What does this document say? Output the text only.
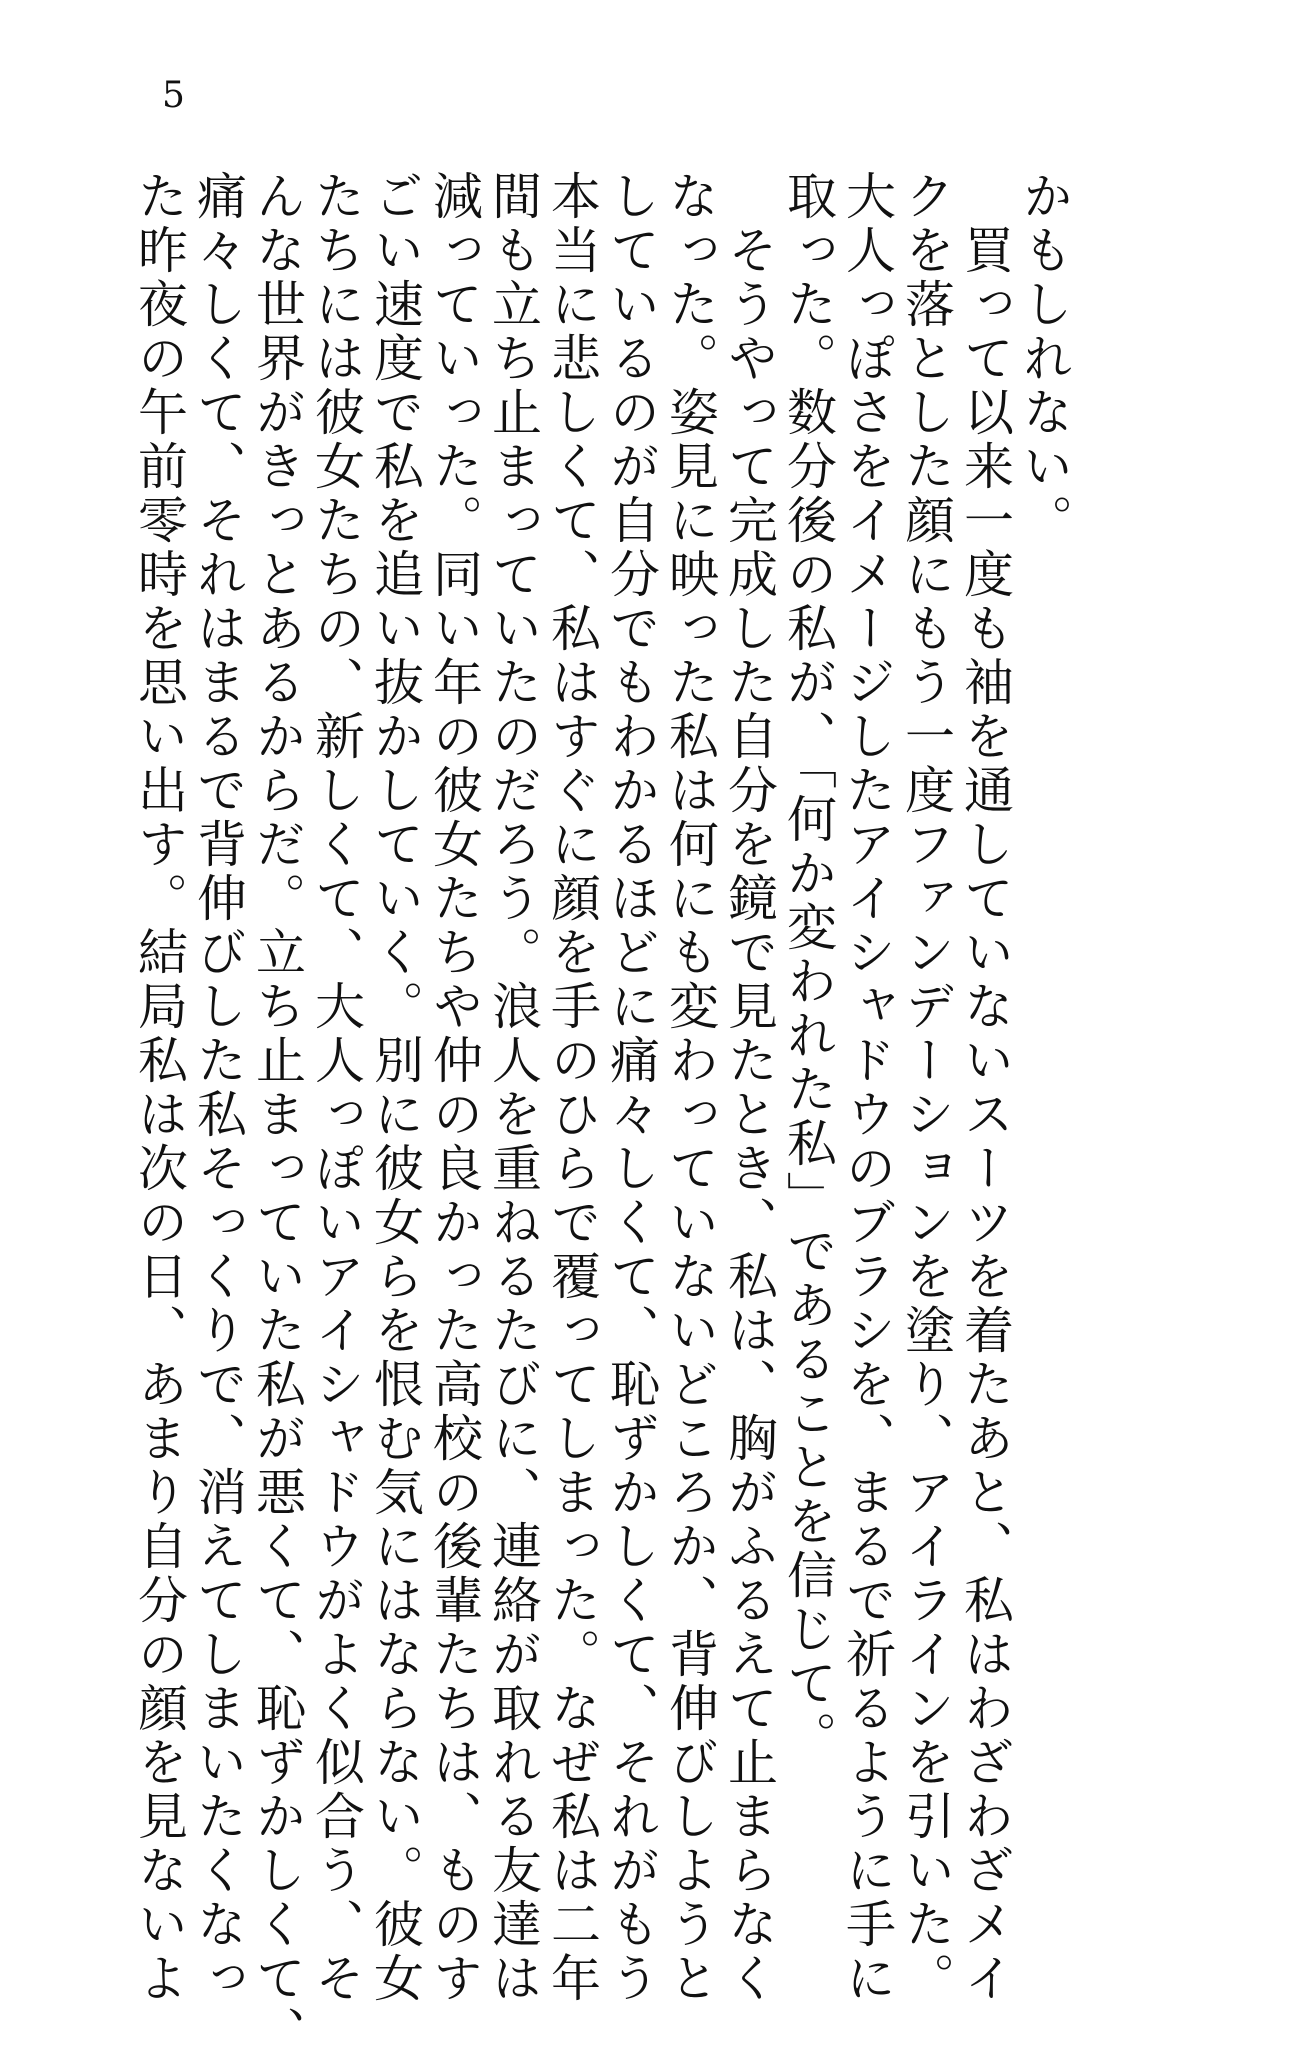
5
かもしれない。
　買って以来一度も袖を通していないスーツを着たあと、私はわざわざメイ
クを落とした顔にもう一度ファンデーションを塗り、アイラインを引いた。
大人っぽさをイメージしたアイシャドウのブラシを、まるで祈るように手に
取った。数分後の私が、「何か変われた私」であることを信じて。
　そうやって完成した自分を鏡で見たとき、私は、胸がふるえて止まらなく
なった。姿見に映った私は何にも変わっていないどころか、背伸びしようと
しているのが自分でもわかるほどに痛々しくて、恥ずかしくて、それがもう
本当に悲しくて、私はすぐに顔を手のひらで覆ってしまった。なぜ私は二年
間も立ち止まっていたのだろう。浪人を重ねるたびに、連絡が取れる友達は
減っていった。同い年の彼女たちや仲の良かった高校の後輩たちは、ものす
ごい速度で私を追い抜かしていく。別に彼女らを恨む気にはならない。彼女
たちには彼女たちの、新しくて、大人っぽいアイシャドウがよく似合う、そ
んな世界がきっとあるからだ。立ち止まっていた私が悪くて、恥ずかしくて、
痛々しくて、それはまるで背伸びした私そっくりで、消えてしまいたくなっ
た昨夜の午前零時を思い出す。結局私は次の日、あまり自分の顔を見ないよ
